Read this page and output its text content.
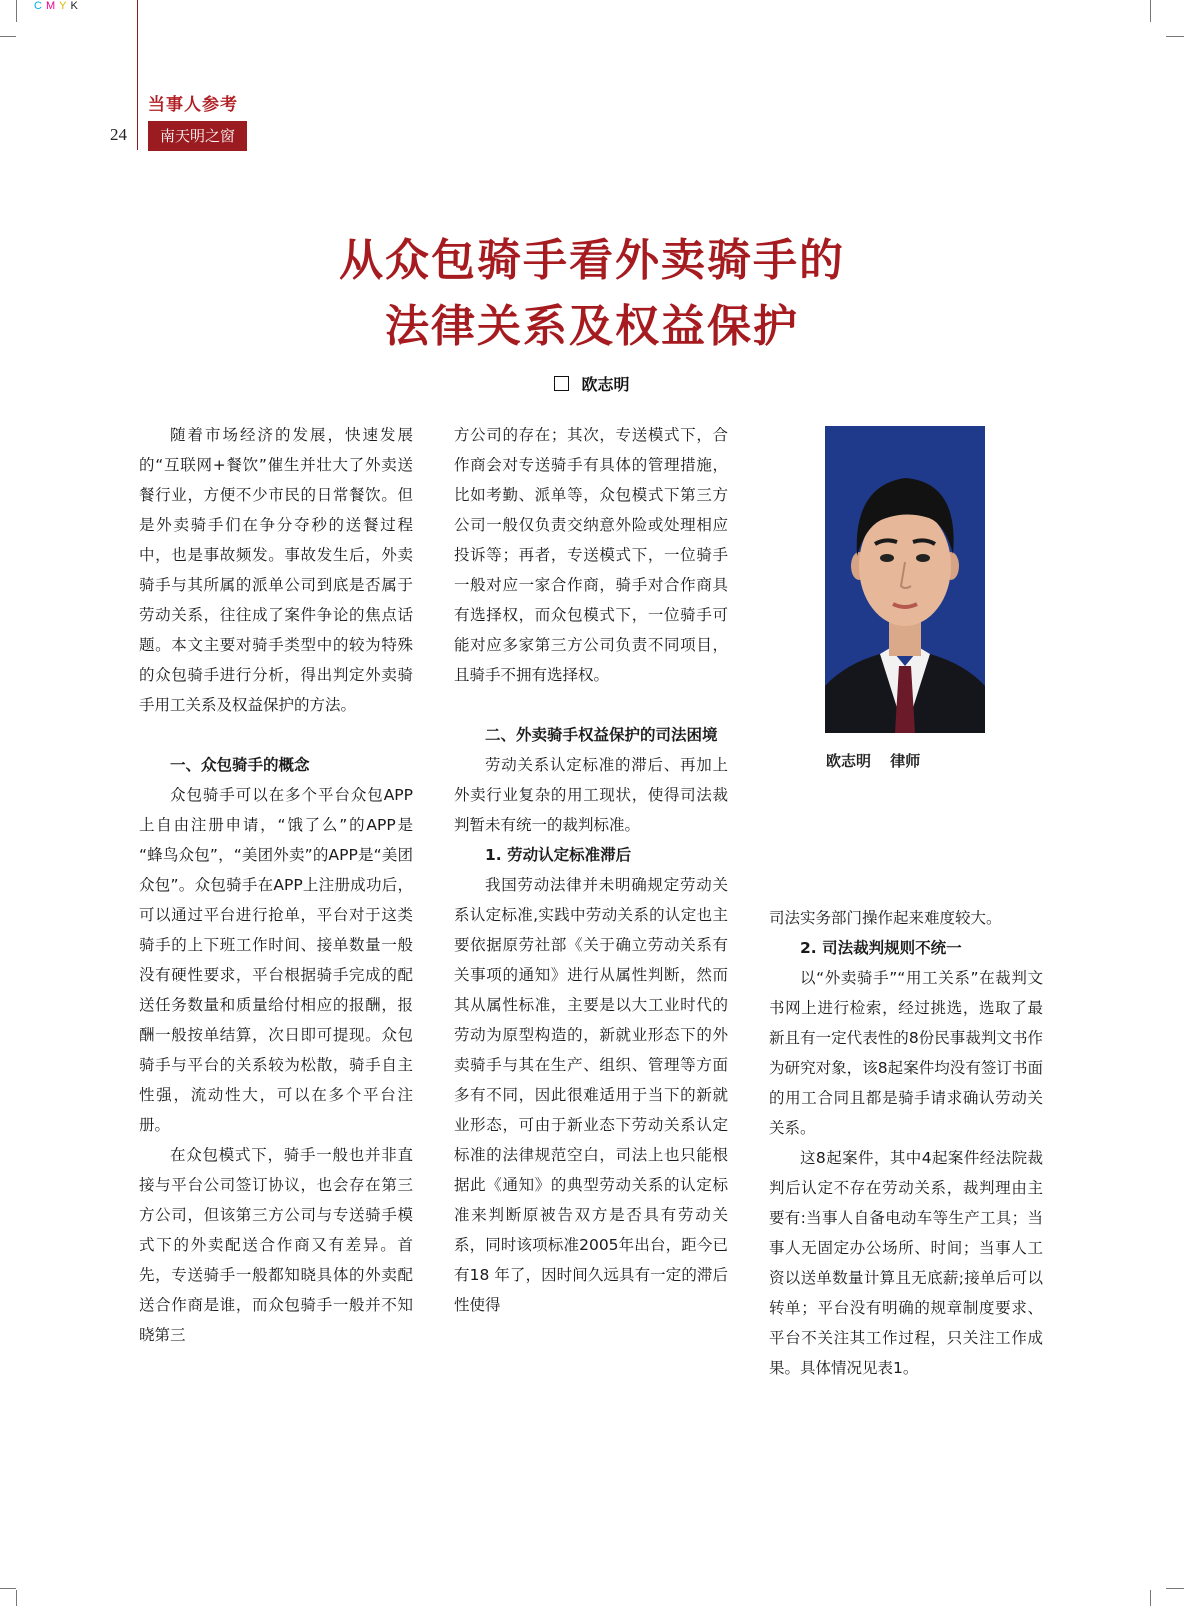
CMYK
当事人参考
24	南天明之窗
从众包骑手看外卖骑手的
法律关系及权益保护
欧志明

随着市场经济的发展，快速发展的“互联网+餐饮”催生并壮大了外卖送餐行业，方便不少市民的日常餐饮。但是外卖骑手们在争分夺秒的送餐过程中，也是事故频发。事故发生后，外卖骑手与其所属的派单公司到底是否属于劳动关系，往往成了案件争论的焦点话题。本文主要对骑手类型中的较为特殊的众包骑手进行分析，得出判定外卖骑手用工关系及权益保护的方法。

一、众包骑手的概念

众包骑手可以在多个平台众包APP上自由注册申请，“饿了么”的APP是 “蜂鸟众包”，“美团外卖”的APP是“美团众包”。众包骑手在APP上注册成功后，可以通过平台进行抢单，平台对于这类骑手的上下班工作时间、接单数量一般没有硬性要求，平台根据骑手完成的配送任务数量和质量给付相应的报酬，报酬一般按单结算，次日即可提现。众包骑手与平台的关系较为松散，骑手自主性强，流动性大，可以在多个平台注册。

在众包模式下，骑手一般也并非直接与平台公司签订协议，也会存在第三方公司，但该第三方公司与专送骑手模式下的外卖配送合作商又有差异。首先，专送骑手一般都知晓具体的外卖配送合作商是谁，而众包骑手一般并不知晓第三

方公司的存在；其次，专送模式下，合作商会对专送骑手有具体的管理措施，比如考勤、派单等，众包模式下第三方公司一般仅负责交纳意外险或处理相应投诉等；再者，专送模式下，一位骑手一般对应一家合作商，骑手对合作商具有选择权，而众包模式下，一位骑手可能对应多家第三方公司负责不同项目，且骑手不拥有选择权。

二、外卖骑手权益保护的司法困境

劳动关系认定标准的滞后、再加上外卖行业复杂的用工现状，使得司法裁判暂未有统一的裁判标准。

1. 劳动认定标准滞后

我国劳动法律并未明确规定劳动关系认定标准,实践中劳动关系的认定也主要依据原劳社部《关于确立劳动关系有关事项的通知》进行从属性判断，然而其从属性标准，主要是以大工业时代的劳动为原型构造的，新就业形态下的外卖骑手与其在生产、组织、管理等方面多有不同，因此很难适用于当下的新就业形态，可由于新业态下劳动关系认定标准的法律规范空白，司法上也只能根据此《通知》的典型劳动关系的认定标准来判断原被告双方是否具有劳动关系，同时该项标准2005年出台，距今已有18 年了，因时间久远具有一定的滞后性使得

欧志明 律师

司法实务部门操作起来难度较大。

2. 司法裁判规则不统一

以“外卖骑手”“用工关系”在裁判文书网上进行检索，经过挑选，选取了最新且有一定代表性的8份民事裁判文书作为研究对象，该8起案件均没有签订书面的用工合同且都是骑手请求确认劳动关关系。

这8起案件，其中4起案件经法院裁判后认定不存在劳动关系，裁判理由主要有:当事人自备电动车等生产工具；当事人无固定办公场所、时间；当事人工资以送单数量计算且无底薪;接单后可以转单；平台没有明确的规章制度要求、平台不关注其工作过程，只关注工作成果。具体情况见表1。
